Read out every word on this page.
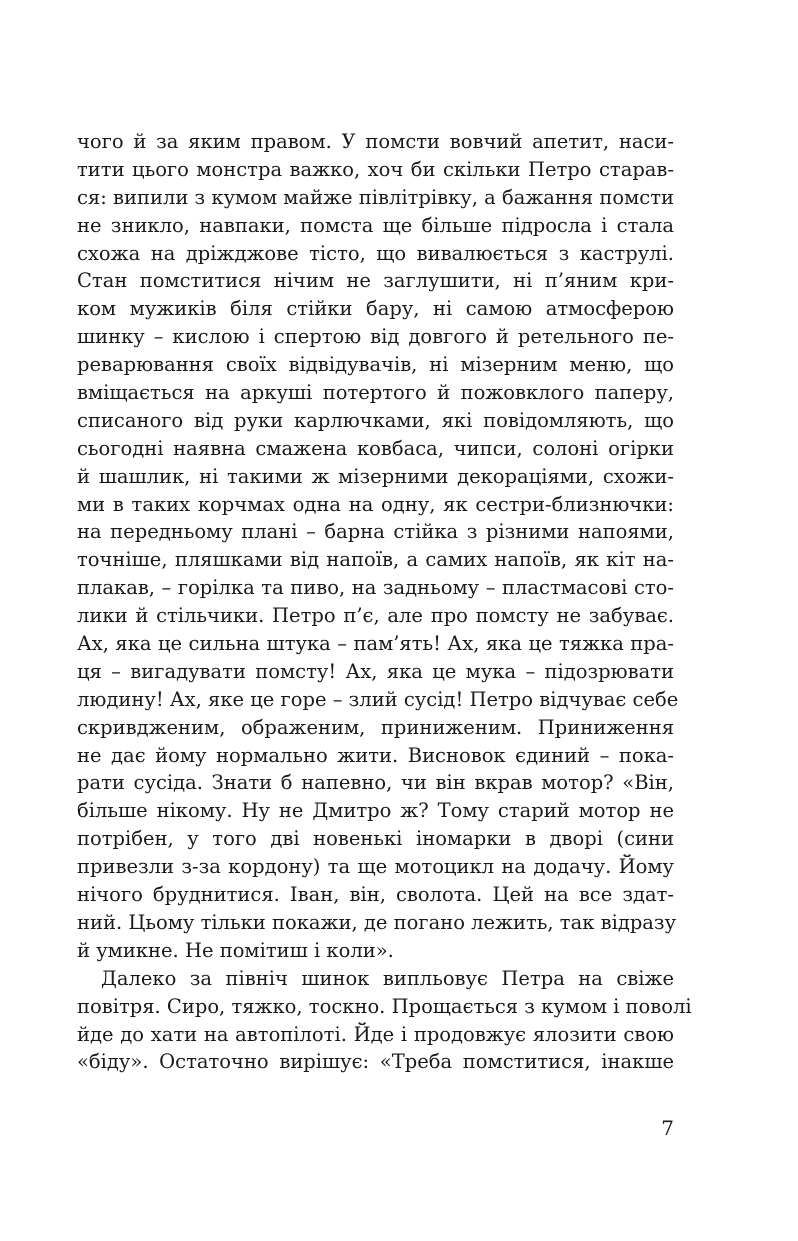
чого й за яким правом. У помсти вовчий апетит, наси-
тити цього монстра важко, хоч би скільки Петро старав-
ся: випили з кумом майже півлітрівку, а бажання помсти
не зникло, навпаки, помста ще більше підросла і стала
схожа на дріжджове тісто, що вивалюється з каструлі.
Стан помститися нічим не заглушити, ні п’яним кри-
ком мужиків біля стійки бару, ні самою атмосферою
шинку – кислою і спертою від довгого й ретельного пе-
реварювання своїх відвідувачів, ні мізерним меню, що
вміщається на аркуші потертого й пожовклого паперу,
списаного від руки карлючками, які повідомляють, що
сьогодні наявна смажена ковбаса, чипси, солоні огірки
й шашлик, ні такими ж мізерними декораціями, схожи-
ми в таких корчмах одна на одну, як сестри-близнючки:
на передньому плані – барна стійка з різними напоями,
точніше, пляшками від напоїв, а самих напоїв, як кіт на-
плакав, – горілка та пиво, на задньому – пластмасові сто-
лики й стільчики. Петро п’є, але про помсту не забуває.
Ах, яка це сильна штука – пам’ять! Ах, яка це тяжка пра-
ця – вигадувати помсту! Ах, яка це мука – підозрювати
людину! Ах, яке це горе – злий сусід! Петро відчуває себе
скривдженим, ображеним, приниженим. Приниження
не дає йому нормально жити. Висновок єдиний – пока-
рати сусіда. Знати б напевно, чи він вкрав мотор? «Він,
більше нікому. Ну не Дмитро ж? Тому старий мотор не
потрібен, у того дві новенькі іномарки в дворі (сини
привезли з-за кордону) та ще мотоцикл на додачу. Йому
нічого бруднитися. Іван, він, сволота. Цей на все здат-
ний. Цьому тільки покажи, де погано лежить, так відразу
й умикне. Не помітиш і коли».
Далеко за північ шинок випльовує Петра на свіже
повітря. Сиро, тяжко, тоскно. Прощається з кумом і поволі
йде до хати на автопілоті. Йде і продовжує ялозити свою
«біду». Остаточно вирішує: «Треба помститися, інакше
7
